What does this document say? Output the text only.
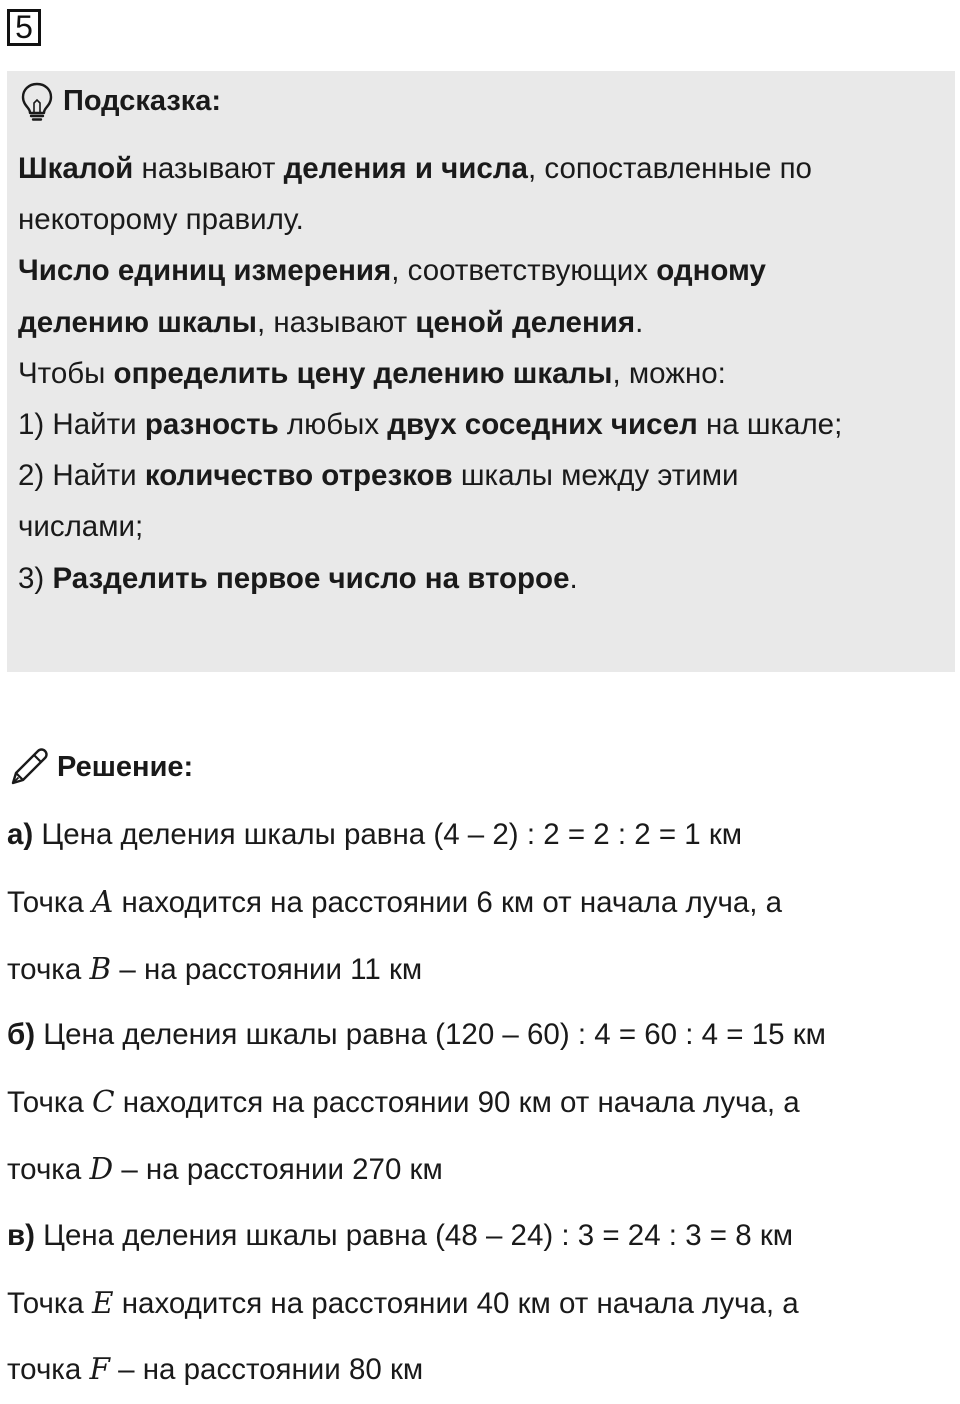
5
Подсказка:
Шкалой называют деления и числа, сопоставленные по
некоторому правилу.
Число единиц измерения, соответствующих одному
делению шкалы, называют ценой деления.
Чтобы определить цену делению шкалы, можно:
1) Найти разность любых двух соседних чисел на шкале;
2) Найти количество отрезков шкалы между этими
числами;
3) Разделить первое число на второе.
Решение:
а) Цена деления шкалы равна (4 – 2) : 2 = 2 : 2 = 1 км
Точка A находится на расстоянии 6 км от начала луча, а
точка B – на расстоянии 11 км
б) Цена деления шкалы равна (120 – 60) : 4 = 60 : 4 = 15 км
Точка C находится на расстоянии 90 км от начала луча, а
точка D – на расстоянии 270 км
в) Цена деления шкалы равна (48 – 24) : 3 = 24 : 3 = 8 км
Точка E находится на расстоянии 40 км от начала луча, а
точка F – на расстоянии 80 км
